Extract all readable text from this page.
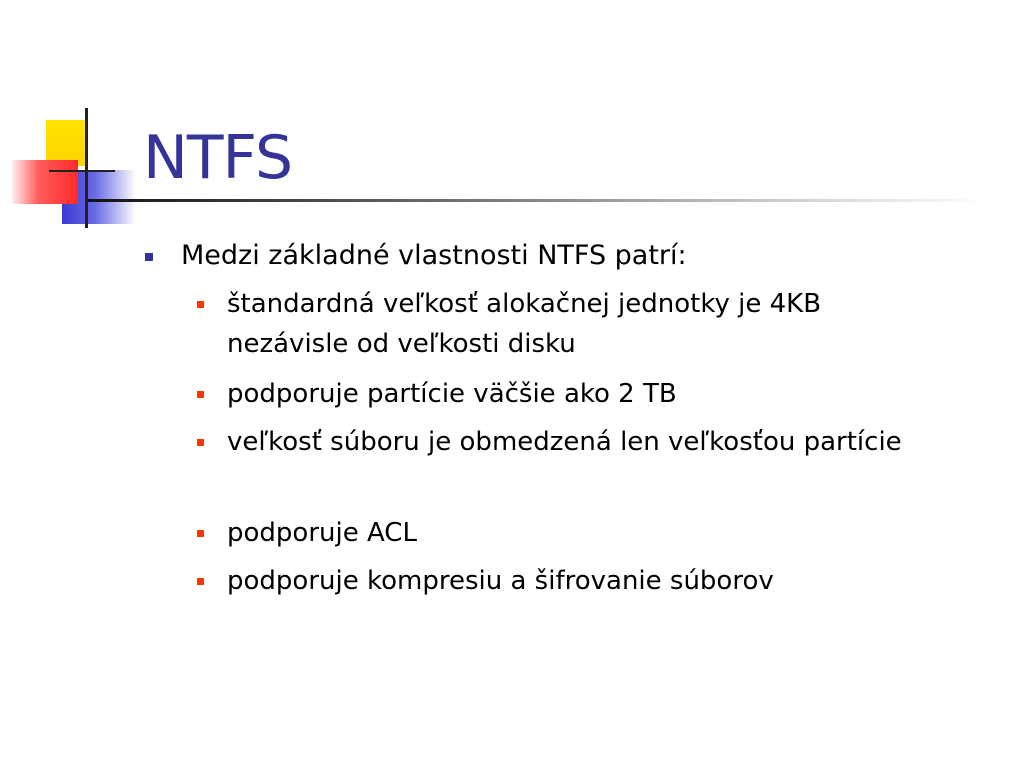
NTFS
Medzi základné vlastnosti NTFS patrí:
štandardná veľkosť alokačnej jednotky je 4KB nezávisle od veľkosti disku
podporuje partície väčšie ako 2 TB
veľkosť súboru je obmedzená len veľkosťou partície
podporuje ACL
podporuje kompresiu a šifrovanie súborov
